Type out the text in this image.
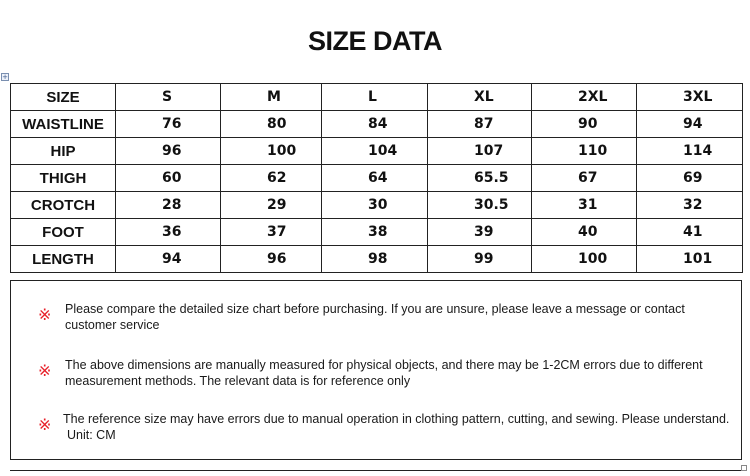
SIZE DATA
+
SIZE	S	M	L	XL	2XL	3XL
WAISTLINE	76	80	84	87	90	94
HIP	96	100	104	107	110	114
THIGH	60	62	64	65.5	67	69
CROTCH	28	29	30	30.5	31	32
FOOT	36	37	38	39	40	41
LENGTH	94	96	98	99	100	101
※ Please compare the detailed size chart before purchasing. If you are unsure, please leave a message or contact customer service
※ The above dimensions are manually measured for physical objects, and there may be 1-2CM errors due to different measurement methods. The relevant data is for reference only
※ The reference size may have errors due to manual operation in clothing pattern, cutting, and sewing. Please understand.
Unit: CM
